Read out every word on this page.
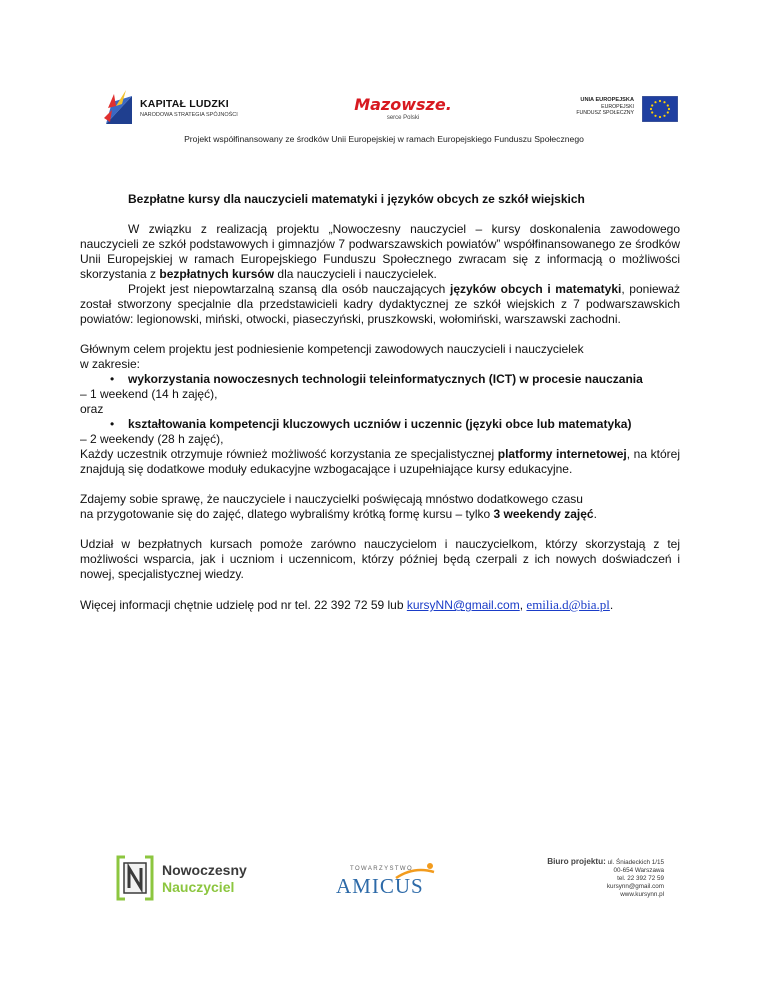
KAPITAŁ LUDZKI
NARODOWA STRATEGIA SPÓJNOŚCI
Mazowsze.
serce Polski
UNIA EUROPEJSKA
EUROPEJSKI
FUNDUSZ SPOŁECZNY
Projekt współfinansowany ze środków Unii Europejskiej w ramach Europejskiego Funduszu Społecznego

Bezpłatne kursy dla nauczycieli matematyki i języków obcych ze szkół wiejskich

W związku z realizacją projektu „Nowoczesny nauczyciel – kursy doskonalenia zawodowego nauczycieli ze szkół podstawowych i gimnazjów 7 podwarszawskich powiatów” współfinansowanego ze środków Unii Europejskiej w ramach Europejskiego Funduszu Społecznego zwracam się z informacją o możliwości skorzystania z bezpłatnych kursów dla nauczycieli i nauczycielek.

Projekt jest niepowtarzalną szansą dla osób nauczających języków obcych i matematyki, ponieważ został stworzony specjalnie dla przedstawicieli kadry dydaktycznej ze szkół wiejskich z 7 podwarszawskich powiatów: legionowski, miński, otwocki, piaseczyński, pruszkowski, wołomiński, warszawski zachodni.

Głównym celem projektu jest podniesienie kompetencji zawodowych nauczycieli i nauczycielek

w zakresie:

•	wykorzystania nowoczesnych technologii teleinformatycznych (ICT) w procesie nauczania

– 1 weekend (14 h zajęć),

oraz

•	kształtowania kompetencji kluczowych uczniów i uczennic (języki obce lub matematyka)

– 2 weekendy (28 h zajęć),

Każdy uczestnik otrzymuje również możliwość korzystania ze specjalistycznej platformy internetowej, na której znajdują się dodatkowe moduły edukacyjne wzbogacające i uzupełniające kursy edukacyjne.

Zdajemy sobie sprawę, że nauczyciele i nauczycielki poświęcają mnóstwo dodatkowego czasu

na przygotowanie się do zajęć, dlatego wybraliśmy krótką formę kursu – tylko 3 weekendy zajęć.

Udział w bezpłatnych kursach pomoże zarówno nauczycielom i nauczycielkom, którzy skorzystają z tej możliwości wsparcia, jak i uczniom i uczennicom, którzy później będą czerpali z ich nowych doświadczeń i nowej, specjalistycznej wiedzy.

Więcej informacji chętnie udzielę pod nr tel. 22 392 72 59 lub kursyNN@gmail.com, emilia.d@bia.pl.

Nowoczesny
Nauczyciel
TOWARZYSTWO
AMICUS
Biuro projektu: ul. Śniadeckich 1/15
00-654 Warszawa
tel. 22 392 72 59
kursynn@gmail.com
www.kursynn.pl
